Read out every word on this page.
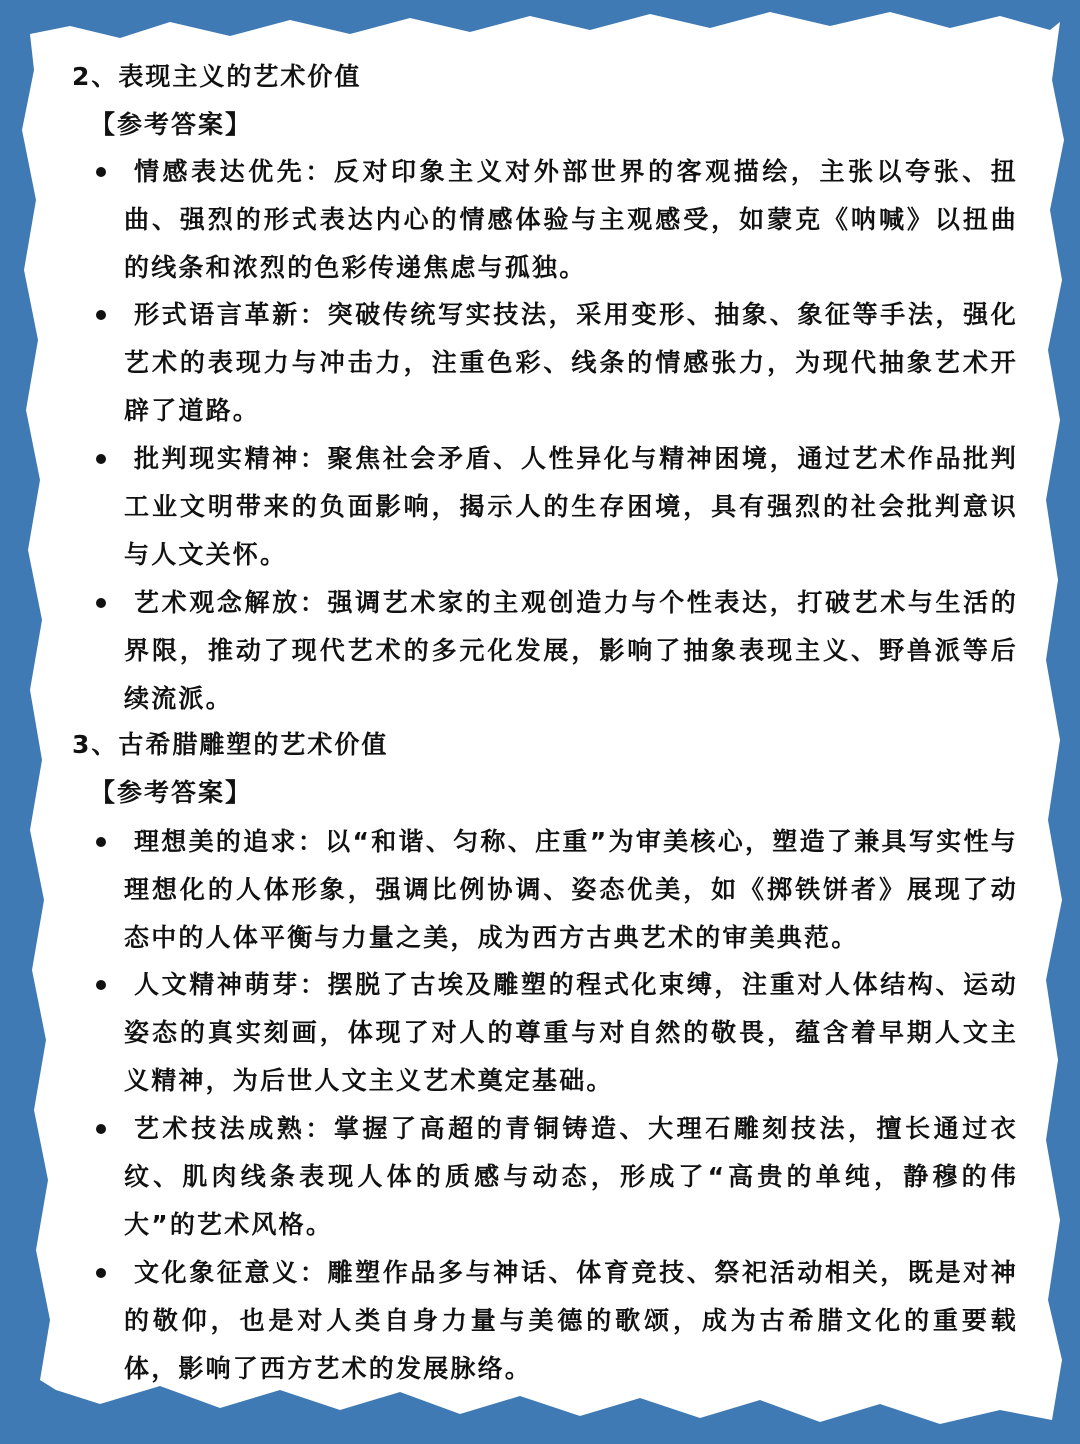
2、表现主义的艺术价值
【参考答案】
情感表达优先：反对印象主义对外部世界的客观描绘，主张以夸张、扭曲、强烈的形式表达内心的情感体验与主观感受，如蒙克《呐喊》以扭曲的线条和浓烈的色彩传递焦虑与孤独。
形式语言革新：突破传统写实技法，采用变形、抽象、象征等手法，强化艺术的表现力与冲击力，注重色彩、线条的情感张力，为现代抽象艺术开辟了道路。
批判现实精神：聚焦社会矛盾、人性异化与精神困境，通过艺术作品批判工业文明带来的负面影响，揭示人的生存困境，具有强烈的社会批判意识与人文关怀。
艺术观念解放：强调艺术家的主观创造力与个性表达，打破艺术与生活的界限，推动了现代艺术的多元化发展，影响了抽象表现主义、野兽派等后续流派。
3、古希腊雕塑的艺术价值
【参考答案】
理想美的追求：以“和谐、匀称、庄重”为审美核心，塑造了兼具写实性与理想化的人体形象，强调比例协调、姿态优美，如《掷铁饼者》展现了动态中的人体平衡与力量之美，成为西方古典艺术的审美典范。
人文精神萌芽：摆脱了古埃及雕塑的程式化束缚，注重对人体结构、运动姿态的真实刻画，体现了对人的尊重与对自然的敬畏，蕴含着早期人文主义精神，为后世人文主义艺术奠定基础。
艺术技法成熟：掌握了高超的青铜铸造、大理石雕刻技法，擅长通过衣纹、肌肉线条表现人体的质感与动态，形成了“高贵的单纯，静穆的伟大”的艺术风格。
文化象征意义：雕塑作品多与神话、体育竞技、祭祀活动相关，既是对神的敬仰，也是对人类自身力量与美德的歌颂，成为古希腊文化的重要载体，影响了西方艺术的发展脉络。
